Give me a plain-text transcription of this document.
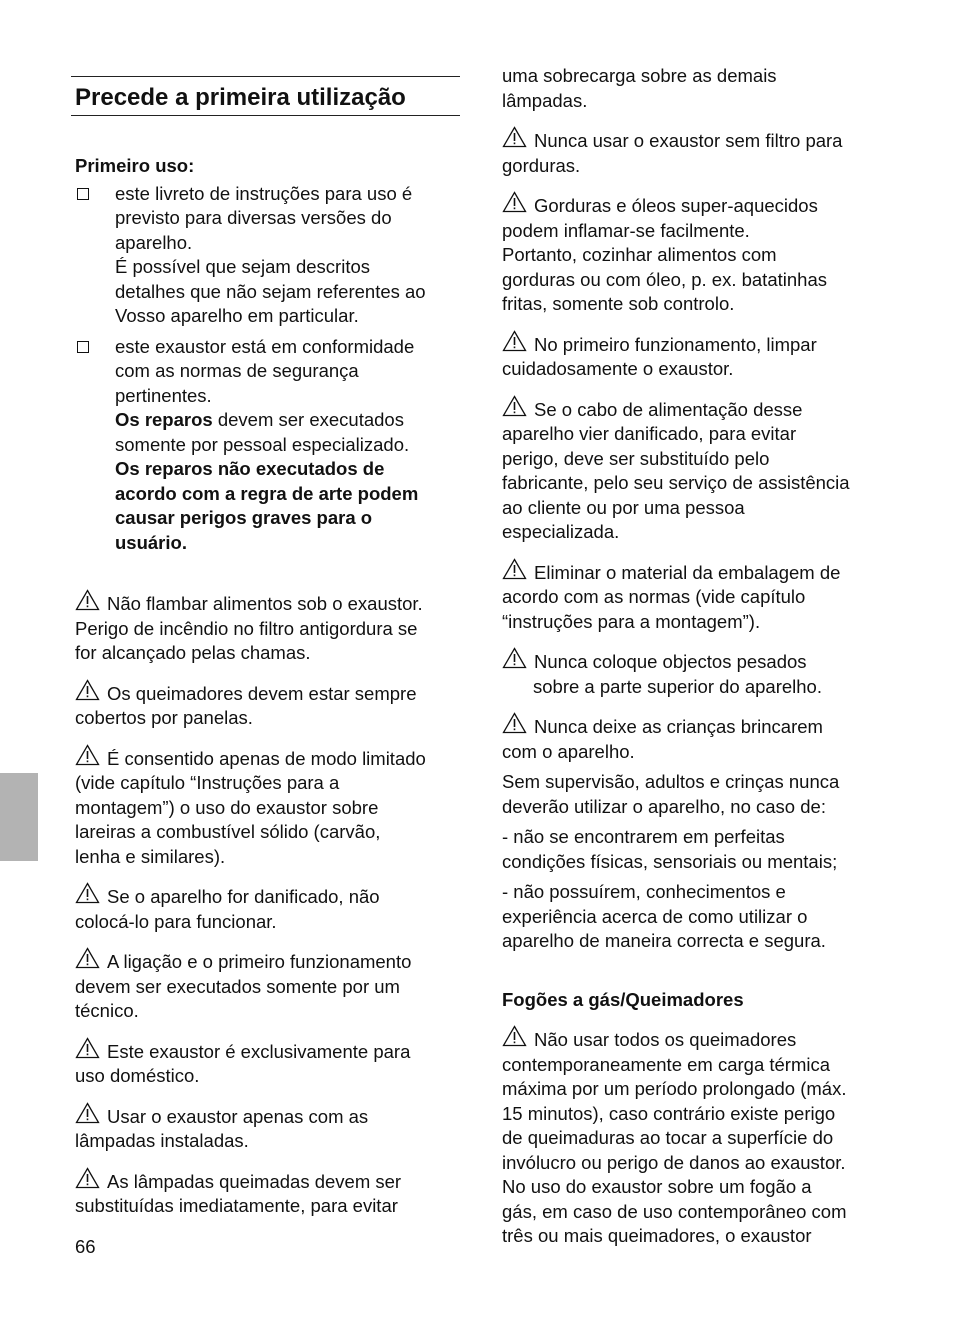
Precede a primeira utilização
Primeiro uso:
este livreto de instruções para uso é
previsto para diversas versões do
aparelho.
É possível que sejam descritos
detalhes que não sejam referentes ao
Vosso aparelho em particular.
este exaustor está em conformidade
com as normas de segurança
pertinentes.
Os reparos devem ser executados
somente por pessoal especializado.
Os reparos não executados de
acordo com a regra de arte podem
causar perigos graves para o
usuário.
Não flambar alimentos sob o exaustor.
Perigo de incêndio no filtro antigordura se
for alcançado pelas chamas.
Os queimadores devem estar sempre
cobertos por panelas.
É consentido apenas de modo limitado
(vide capítulo “Instruções para a
montagem”) o uso do exaustor sobre
lareiras a combustível sólido (carvão,
lenha e similares).
Se o aparelho for danificado, não
colocá-lo para funcionar.
A ligação e o primeiro funzionamento
devem ser executados somente por um
técnico.
Este exaustor é exclusivamente para
uso doméstico.
Usar o exaustor apenas com as
lâmpadas instaladas.
As lâmpadas queimadas devem ser
substituídas imediatamente, para evitar
uma sobrecarga sobre as demais
lâmpadas.
Nunca usar o exaustor sem filtro para
gorduras.
Gorduras e óleos super-aquecidos
podem inflamar-se facilmente.
Portanto, cozinhar alimentos com
gorduras ou com óleo, p. ex. batatinhas
fritas, somente sob controlo.
No primeiro funzionamento, limpar
cuidadosamente o exaustor.
Se o cabo de alimentação desse
aparelho vier danificado, para evitar
perigo, deve ser substituído pelo
fabricante, pelo seu serviço de assistência
ao cliente ou por uma pessoa
especializada.
Eliminar o material da embalagem de
acordo com as normas (vide capítulo
“instruções para a montagem”).
Nunca coloque objectos pesados
sobre a parte superior do aparelho.
Nunca deixe as crianças brincarem
com o aparelho.
Sem supervisão, adultos e crinças nunca
deverão utilizar o aparelho, no caso de:
- não se encontrarem em perfeitas
condições físicas, sensoriais ou mentais;
- não possuírem, conhecimentos e
experiência acerca de como utilizar o
aparelho de maneira correcta e segura.
Fogões a gás/Queimadores
Não usar todos os queimadores
contemporaneamente em carga térmica
máxima por um período prolongado (máx.
15 minutos), caso contrário existe perigo
de queimaduras ao tocar a superfície do
invólucro ou perigo de danos ao exaustor.
No uso do exaustor sobre um fogão a
gás, em caso de uso contemporâneo com
três ou mais queimadores, o exaustor
66
